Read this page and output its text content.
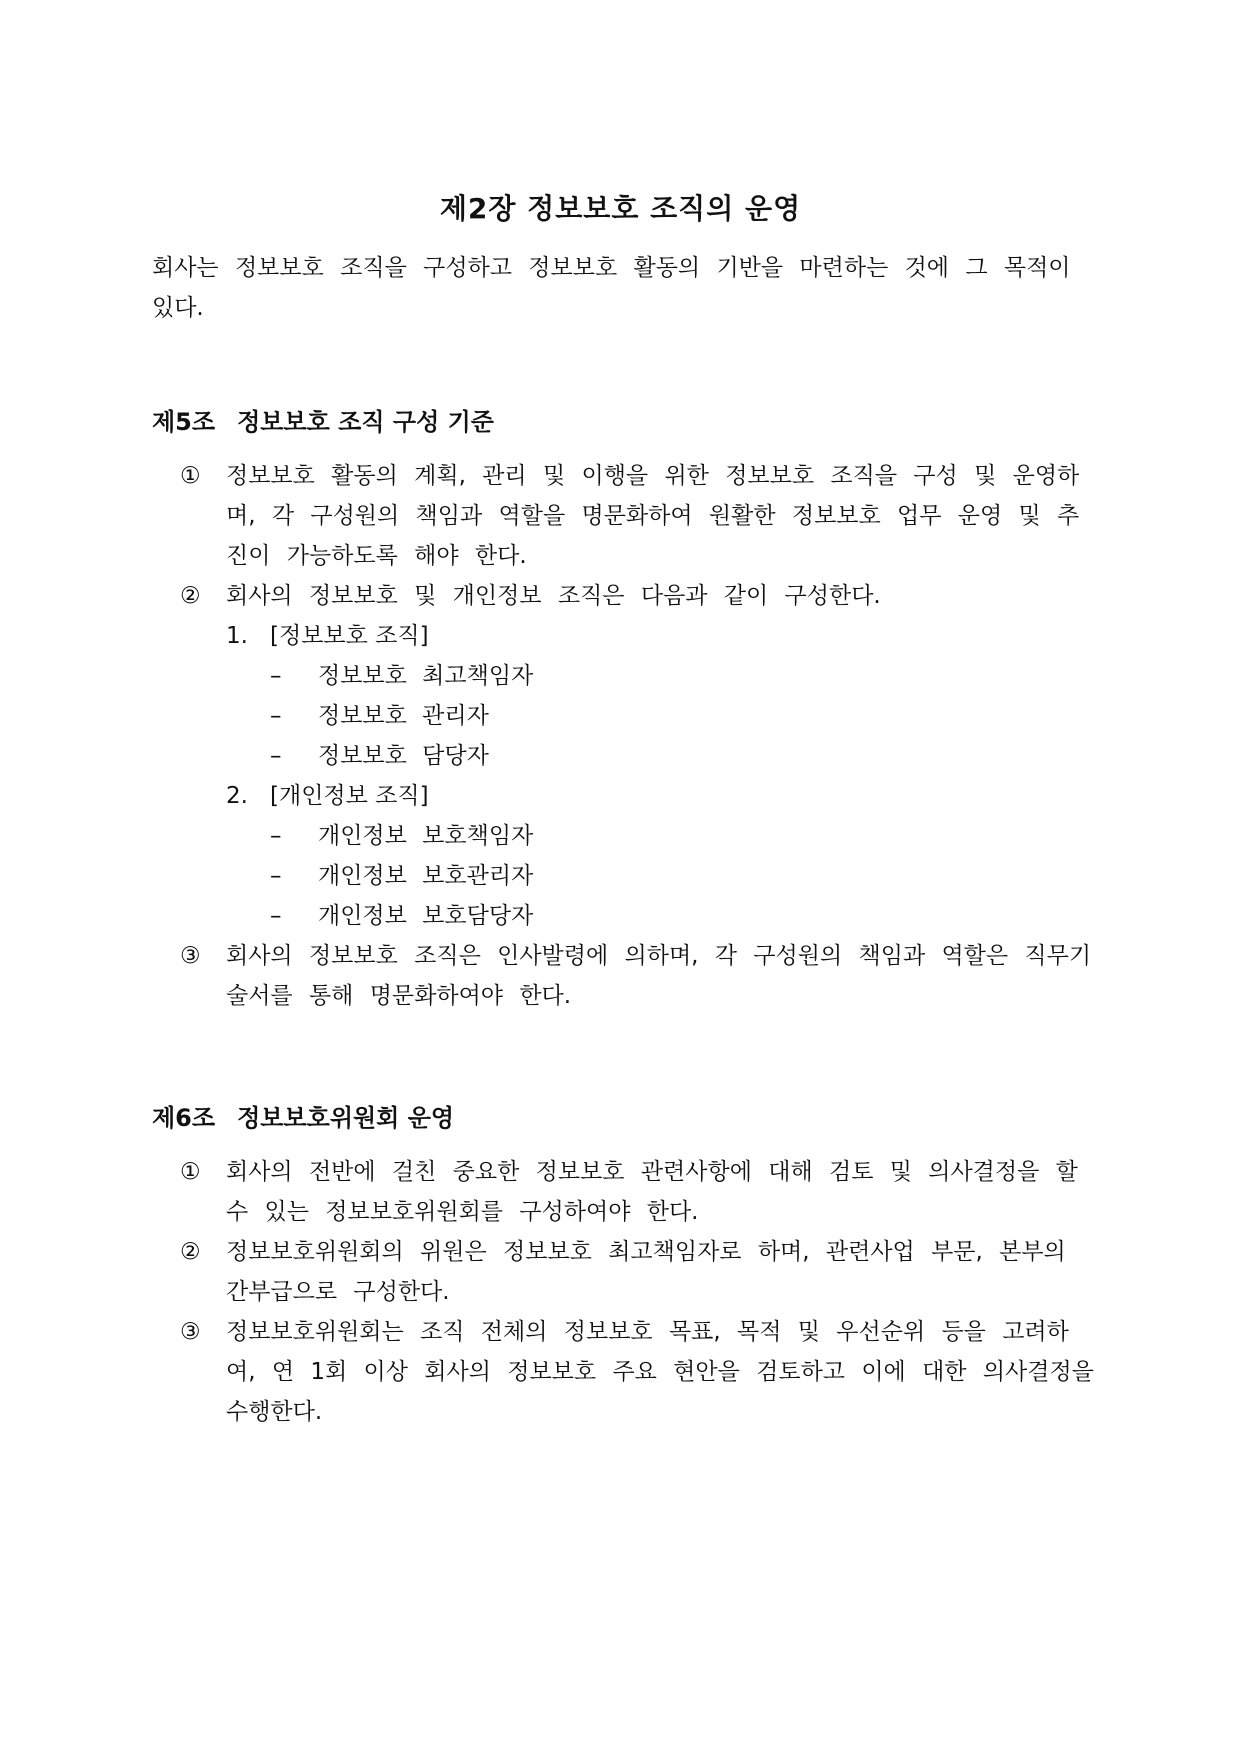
제2장 정보보호 조직의 운영

회사는 정보보호 조직을 구성하고 정보보호 활동의 기반을 마련하는 것에 그 목적이 있다.

제5조 정보보호 조직 구성 기준
①	정보보호 활동의 계획, 관리 및 이행을 위한 정보보호 조직을 구성 및 운영하며, 각 구성원의 책임과 역할을 명문화하여 원활한 정보보호 업무 운영 및 추진이 가능하도록 해야 한다.
②	회사의 정보보호 및 개인정보 조직은 다음과 같이 구성한다.
1. [정보보호 조직]
– 정보보호 최고책임자
– 정보보호 관리자
– 정보보호 담당자
2. [개인정보 조직]
– 개인정보 보호책임자
– 개인정보 보호관리자
– 개인정보 보호담당자
③	회사의 정보보호 조직은 인사발령에 의하며, 각 구성원의 책임과 역할은 직무기술서를 통해 명문화하여야 한다.
제6조 정보보호위원회 운영
①	회사의 전반에 걸친 중요한 정보보호 관련사항에 대해 검토 및 의사결정을 할 수 있는 정보보호위원회를 구성하여야 한다.
②	정보보호위원회의 위원은 정보보호 최고책임자로 하며, 관련사업 부문, 본부의 간부급으로 구성한다.
③	정보보호위원회는 조직 전체의 정보보호 목표, 목적 및 우선순위 등을 고려하여, 연 1회 이상 회사의 정보보호 주요 현안을 검토하고 이에 대한 의사결정을 수행한다.
